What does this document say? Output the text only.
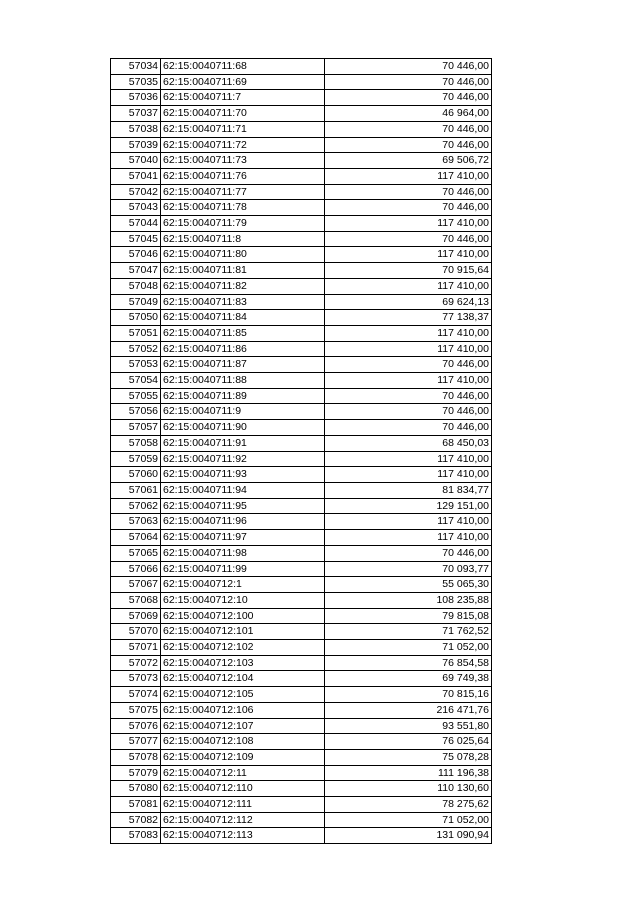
57034	62:15:0040711:68	70 446,00
57035	62:15:0040711:69	70 446,00
57036	62:15:0040711:7	70 446,00
57037	62:15:0040711:70	46 964,00
57038	62:15:0040711:71	70 446,00
57039	62:15:0040711:72	70 446,00
57040	62:15:0040711:73	69 506,72
57041	62:15:0040711:76	117 410,00
57042	62:15:0040711:77	70 446,00
57043	62:15:0040711:78	70 446,00
57044	62:15:0040711:79	117 410,00
57045	62:15:0040711:8	70 446,00
57046	62:15:0040711:80	117 410,00
57047	62:15:0040711:81	70 915,64
57048	62:15:0040711:82	117 410,00
57049	62:15:0040711:83	69 624,13
57050	62:15:0040711:84	77 138,37
57051	62:15:0040711:85	117 410,00
57052	62:15:0040711:86	117 410,00
57053	62:15:0040711:87	70 446,00
57054	62:15:0040711:88	117 410,00
57055	62:15:0040711:89	70 446,00
57056	62:15:0040711:9	70 446,00
57057	62:15:0040711:90	70 446,00
57058	62:15:0040711:91	68 450,03
57059	62:15:0040711:92	117 410,00
57060	62:15:0040711:93	117 410,00
57061	62:15:0040711:94	81 834,77
57062	62:15:0040711:95	129 151,00
57063	62:15:0040711:96	117 410,00
57064	62:15:0040711:97	117 410,00
57065	62:15:0040711:98	70 446,00
57066	62:15:0040711:99	70 093,77
57067	62:15:0040712:1	55 065,30
57068	62:15:0040712:10	108 235,88
57069	62:15:0040712:100	79 815,08
57070	62:15:0040712:101	71 762,52
57071	62:15:0040712:102	71 052,00
57072	62:15:0040712:103	76 854,58
57073	62:15:0040712:104	69 749,38
57074	62:15:0040712:105	70 815,16
57075	62:15:0040712:106	216 471,76
57076	62:15:0040712:107	93 551,80
57077	62:15:0040712:108	76 025,64
57078	62:15:0040712:109	75 078,28
57079	62:15:0040712:11	111 196,38
57080	62:15:0040712:110	110 130,60
57081	62:15:0040712:111	78 275,62
57082	62:15:0040712:112	71 052,00
57083	62:15:0040712:113	131 090,94
